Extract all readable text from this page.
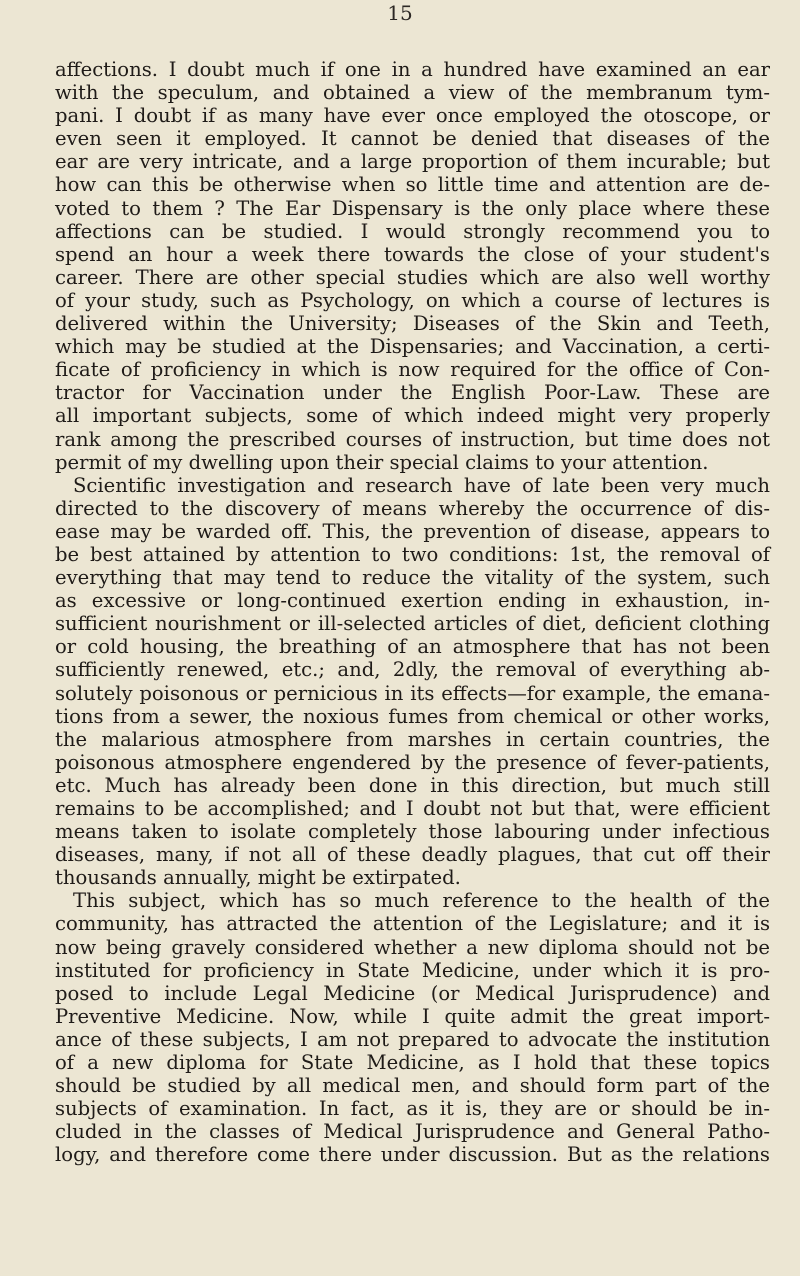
15
affections. I doubt much if one in a hundred have examined an ear
with the speculum, and obtained a view of the membranum tym-
pani. I doubt if as many have ever once employed the otoscope, or
even seen it employed. It cannot be denied that diseases of the
ear are very intricate, and a large proportion of them incurable; but
how can this be otherwise when so little time and attention are de-
voted to them ? The Ear Dispensary is the only place where these
affections can be studied. I would strongly recommend you to
spend an hour a week there towards the close of your student's
career. There are other special studies which are also well worthy
of your study, such as Psychology, on which a course of lectures is
delivered within the University; Diseases of the Skin and Teeth,
which may be studied at the Dispensaries; and Vaccination, a certi-
ficate of proficiency in which is now required for the office of Con-
tractor for Vaccination under the English Poor-Law. These are
all important subjects, some of which indeed might very properly
rank among the prescribed courses of instruction, but time does not
permit of my dwelling upon their special claims to your attention.
Scientific investigation and research have of late been very much
directed to the discovery of means whereby the occurrence of dis-
ease may be warded off. This, the prevention of disease, appears to
be best attained by attention to two conditions: 1st, the removal of
everything that may tend to reduce the vitality of the system, such
as excessive or long-continued exertion ending in exhaustion, in-
sufficient nourishment or ill-selected articles of diet, deficient clothing
or cold housing, the breathing of an atmosphere that has not been
sufficiently renewed, etc.; and, 2dly, the removal of everything ab-
solutely poisonous or pernicious in its effects—for example, the emana-
tions from a sewer, the noxious fumes from chemical or other works,
the malarious atmosphere from marshes in certain countries, the
poisonous atmosphere engendered by the presence of fever-patients,
etc. Much has already been done in this direction, but much still
remains to be accomplished; and I doubt not but that, were efficient
means taken to isolate completely those labouring under infectious
diseases, many, if not all of these deadly plagues, that cut off their
thousands annually, might be extirpated.
This subject, which has so much reference to the health of the
community, has attracted the attention of the Legislature; and it is
now being gravely considered whether a new diploma should not be
instituted for proficiency in State Medicine, under which it is pro-
posed to include Legal Medicine (or Medical Jurisprudence) and
Preventive Medicine. Now, while I quite admit the great import-
ance of these subjects, I am not prepared to advocate the institution
of a new diploma for State Medicine, as I hold that these topics
should be studied by all medical men, and should form part of the
subjects of examination. In fact, as it is, they are or should be in-
cluded in the classes of Medical Jurisprudence and General Patho-
logy, and therefore come there under discussion. But as the relations
